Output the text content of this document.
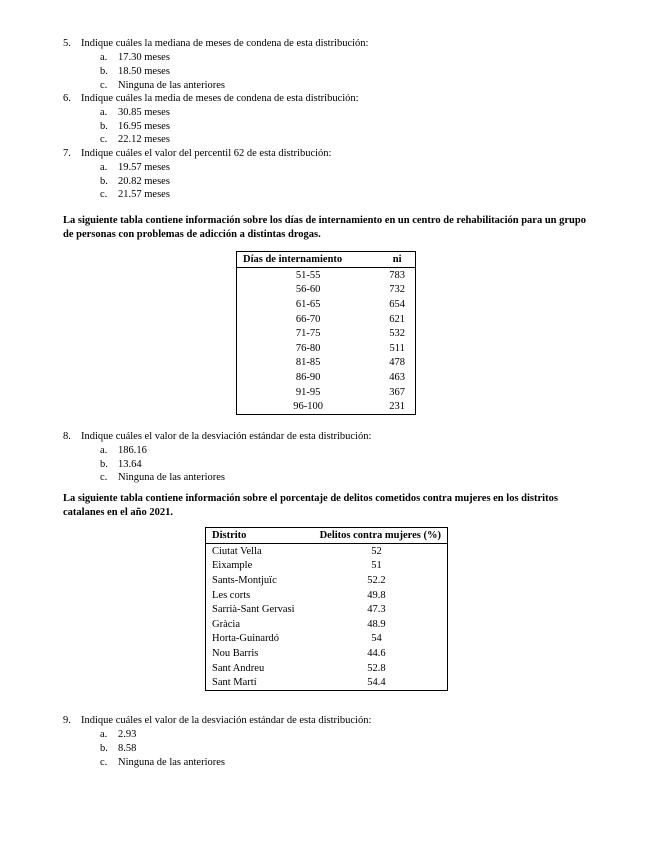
5. Indique cuáles la mediana de meses de condena de esta distribución:
a. 17.30 meses
b. 18.50 meses
c. Ninguna de las anteriores
6. Indique cuáles la media de meses de condena de esta distribución:
a. 30.85 meses
b. 16.95 meses
c. 22.12 meses
7. Indique cuáles el valor del percentil 62 de esta distribución:
a. 19.57 meses
b. 20.82 meses
c. 21.57 meses
La siguiente tabla contiene información sobre los días de internamiento en un centro de rehabilitación para un grupo de personas con problemas de adicción a distintas drogas.
Días de internamiento	ni
51-55	783
56-60	732
61-65	654
66-70	621
71-75	532
76-80	511
81-85	478
86-90	463
91-95	367
96-100	231
8. Indique cuáles el valor de la desviación estándar de esta distribución:
a. 186.16
b. 13.64
c. Ninguna de las anteriores
La siguiente tabla contiene información sobre el porcentaje de delitos cometidos contra mujeres en los distritos catalanes en el año 2021.
Distrito	Delitos contra mujeres (%)
Ciutat Vella	52
Eixample	51
Sants-Montjuïc	52.2
Les corts	49.8
Sarrià-Sant Gervasi	47.3
Gràcia	48.9
Horta-Guinardó	54
Nou Barris	44.6
Sant Andreu	52.8
Sant Martí	54.4
9. Indique cuáles el valor de la desviación estándar de esta distribución:
a. 2.93
b. 8.58
c. Ninguna de las anteriores
